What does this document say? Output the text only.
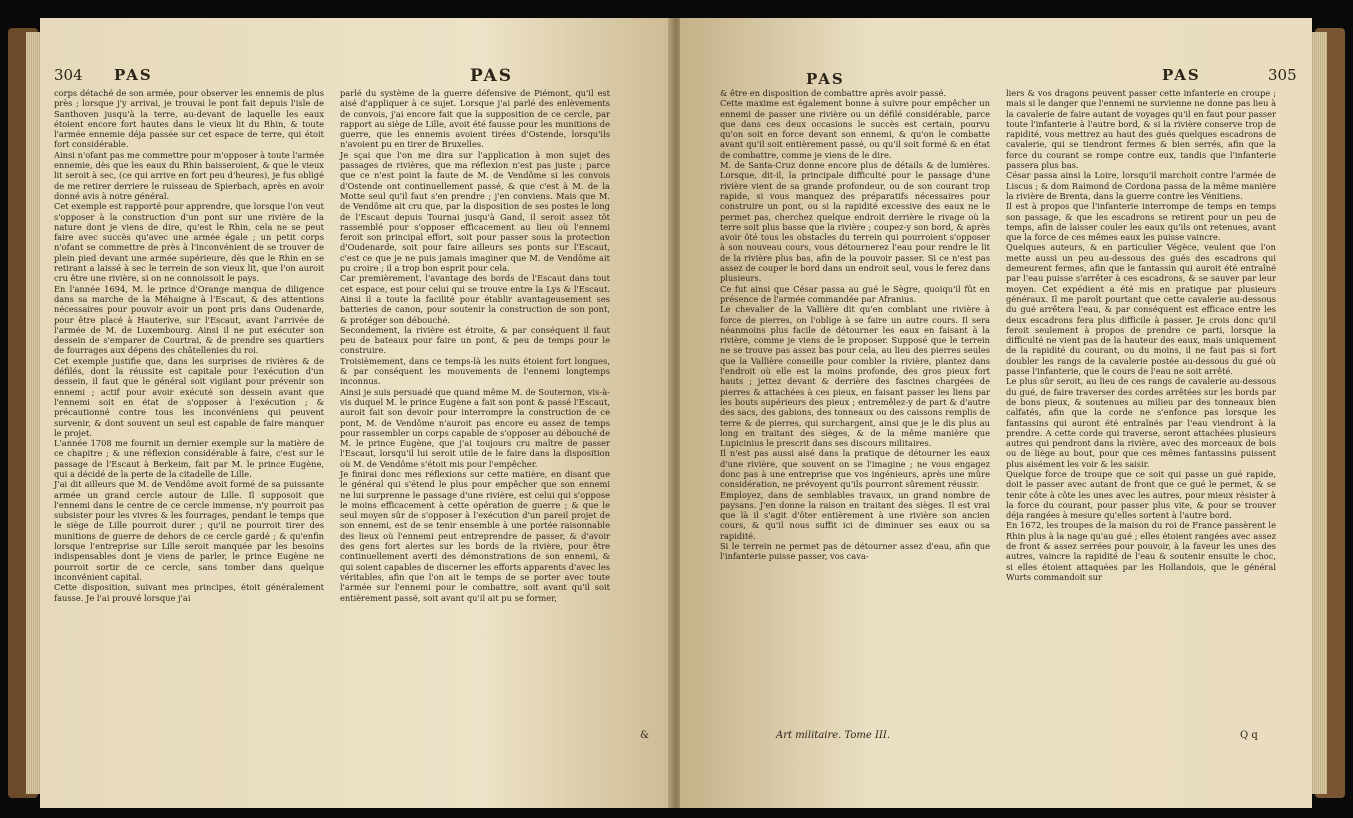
304 PAS	PAS
corps détaché de son armée, pour observer les ennemis de plus près ; lorsque j'y arrivai, je trouvai le pont fait depuis l'isle de Santhoven jusqu'à la terre, au-devant de laquelle les eaux étoient encore fort hautes dans le vieux lit du Rhin, & toute l'armée ennemie déja passée sur cet espace de terre, qui étoit fort considérable.
Ainsi n'ofant pas me commettre pour m'opposer à toute l'armée ennemie, dès que les eaux du Rhin baisseroient, & que le vieux lit seroit à sec, (ce qui arrive en fort peu d'heures), je fus obligé de me retirer derriere le ruisseau de Spierbach, après en avoir donné avis à notre général.
Cet exemple est rapporté pour apprendre, que lorsque l'on veut s'opposer à la construction d'un pont sur une rivière de la nature dont je viens de dire, qu'est le Rhin, cela ne se peut faire avec succès qu'avec une armée égale ; un petit corps n'ofant se commettre de près à l'inconvénient de se trouver de plein pied devant une armée supérieure, dès que le Rhin en se retirant a laissé à sec le terrein de son vieux lit, que l'on auroit cru être une rivière, si on ne connoissoit le pays.
En l'année 1694, M. le prince d'Orange manqua de diligence dans sa marche de la Méhaigne à l'Escaut, & des attentions nécessaires pour pouvoir avoir un pont pris dans Oudenarde, pour être placé à Hauterive, sur l'Escaut, avant l'arrivée de l'armée de M. de Luxembourg. Ainsi il ne put exécuter son dessein de s'emparer de Courtrai, & de prendre ses quartiers de fourrages aux dépens des châtellenies du roi.
Cet exemple justifie que, dans les surprises de rivières & de défilés, dont la réussite est capitale pour l'exécution d'un dessein, il faut que le général soit vigilant pour prévenir son ennemi ; actif pour avoir exécuté son dessein avant que l'ennemi soit en état de s'opposer à l'exécution ; & précautionné contre tous les inconvéniens qui peuvent survenir, & dont souvent un seul est capable de faire manquer le projet.
L'année 1708 me fournit un dernier exemple sur la matière de ce chapitre ; & une réflexion considérable à faire, c'est sur le passage de l'Escaut à Berkeim, fait par M. le prince Eugène, qui a décidé de la perte de la citadelle de Lille.
J'ai dit ailleurs que M. de Vendôme avoit formé de sa puissante armée un grand cercle autour de Lille. Il supposoit que l'ennemi dans le centre de ce cercle immense, n'y pourroit pas subsister pour les vivres & les fourrages, pendant le temps que le siège de Lille pourroit durer ; qu'il ne pourroit tirer des munitions de guerre de dehors de ce cercle gardé ; & qu'enfin lorsque l'entreprise sur Lille seroit manquée par les besoins indispensables dont je viens de parler, le prince Eugène ne pourroit sortir de ce cercle, sans tomber dans quelque inconvénient capital.
Cette disposition, suivant mes principes, étoit généralement fausse. Je l'ai prouvé lorsque j'ai
parlé du système de la guerre défensive de Piémont, qu'il est aisé d'appliquer à ce sujet. Lorsque j'ai parlé des enlèvements de convois, j'ai encore fait que la supposition de ce cercle, par rapport au siège de Lille, avoit été fausse pour les munitions de guerre, que les ennemis avoient tirées d'Ostende, lorsqu'ils n'avoient pu en tirer de Bruxelles.
Je sçai que l'on me dira sur l'application à mon sujet des passages de rivières, que ma réflexion n'est pas juste ; parce que ce n'est point la faute de M. de Vendôme si les convois d'Ostende ont continuellement passé, & que c'est à M. de la Motte seul qu'il faut s'en prendre ; j'en conviens. Mais que M. de Vendôme ait cru que, par la disposition de ses postes le long de l'Escaut depuis Tournai jusqu'à Gand, il seroit assez tôt rassemblé pour s'opposer efficacement au lieu où l'ennemi feroit son principal effort, soit pour passer sous la protection d'Oudenarde, soit pour faire ailleurs ses ponts sur l'Escaut, c'est ce que je ne puis jamais imaginer que M. de Vendôme ait pu croire ; il a trop bon esprit pour cela.
Car premièrement, l'avantage des bords de l'Escaut dans tout cet espace, est pour celui qui se trouve entre la Lys & l'Escaut. Ainsi il a toute la facilité pour établir avantageusement ses batteries de canon, pour soutenir la construction de son pont, & protéger son débouché.
Secondement, la rivière est étroite, & par conséquent il faut peu de bateaux pour faire un pont, & peu de temps pour le construire.
Troisièmement, dans ce temps-là les nuits étoient fort longues, & par conséquent les mouvements de l'ennemi longtemps inconnus.
Ainsi je suis persuadé que quand même M. de Souternon, vis-à-vis duquel M. le prince Eugène a fait son pont & passé l'Escaut, auroit fait son devoir pour interrompre la construction de ce pont, M. de Vendôme n'auroit pas encore eu assez de temps pour rassembler un corps capable de s'opposer au débouché de M. le prince Eugène, que j'ai toujours cru maître de passer l'Escaut, lorsqu'il lui seroit utile de le faire dans la disposition où M. de Vendôme s'étoit mis pour l'empêcher.
Je finirai donc mes réflexions sur cette matière, en disant que le général qui s'étend le plus pour empêcher que son ennemi ne lui surprenne le passage d'une rivière, est celui qui s'oppose le moins efficacement à cette opération de guerre ; & que le seul moyen sûr de s'opposer à l'exécution d'un pareil projet de son ennemi, est de se tenir ensemble à une portée raisonnable des lieux où l'ennemi peut entreprendre de passer, & d'avoir des gens fort alertes sur les bords de la rivière, pour être continuellement averti des démonstrations de son ennemi, & qui soient capables de discerner les efforts apparents d'avec les véritables, afin que l'on ait le temps de se porter avec toute l'armée sur l'ennemi pour le combattre, soit avant qu'il soit entièrement passé, soit avant qu'il ait pu se former,
&
PAS	PAS	305
& être en disposition de combattre après avoir passé.
Cette maxime est également bonne à suivre pour empêcher un ennemi de passer une rivière ou un défilé considérable, parce que dans ces deux occasions le succès est certain, pourvu qu'on soit en force devant son ennemi, & qu'on le combatte avant qu'il soit entièrement passé, ou qu'il soit formé & en état de combattre, comme je viens de le dire.
M. de Santa-Cruz donne encore plus de détails & de lumières. Lorsque, dit-il, la principale difficulté pour le passage d'une rivière vient de sa grande profondeur, ou de son courant trop rapide, si vous manquez des préparatifs nécessaires pour construire un pont, ou si la rapidité excessive des eaux ne le permet pas, cherchez quelque endroit derrière le rivage où la terre soit plus basse que la rivière ; coupez-y son bord, & après avoir ôté tous les obstacles du terrein qui pourroient s'opposer à son nouveau cours, vous détournerez l'eau pour rendre le lit de la rivière plus bas, afin de la pouvoir passer. Si ce n'est pas assez de couper le bord dans un endroit seul, vous le ferez dans plusieurs.
Ce fut ainsi que César passa au gué le Sègre, quoiqu'il fût en présence de l'armée commandée par Afranius.
Le chevalier de la Vallière dit qu'en comblant une rivière à force de pierres, on l'oblige à se faire un autre cours. Il sera néanmoins plus facile de détourner les eaux en faisant à la rivière, comme je viens de le proposer. Supposé que le terrein ne se trouve pas assez bas pour cela, au lieu des pierres seules que la Vallière conseille pour combler la rivière, plantez dans l'endroit où elle est la moins profonde, des gros pieux fort hauts ; jettez devant & derrière des fascines chargées de pierres & attachées à ces pieux, en faisant passer les liens par les bouts supérieurs des pieux ; entremêlez-y de part & d'autre des sacs, des gabions, des tonneaux ou des caissons remplis de terre & de pierres, qui surchargent, ainsi que je le dis plus au long en traitant des sièges, & de la même manière que Lupicinius le prescrit dans ses discours militaires.
Il n'est pas aussi aisé dans la pratique de détourner les eaux d'une rivière, que souvent on se l'imagine ; ne vous engagez donc pas à une entreprise que vos ingénieurs, après une mûre considération, ne prévoyent qu'ils pourront sûrement réussir.
Employez, dans de semblables travaux, un grand nombre de paysans. J'en donne la raison en traitant des sièges. Il est vrai que là il s'agit d'ôter entièrement à une rivière son ancien cours, & qu'il nous suffit ici de diminuer ses eaux ou sa rapidité.
Si le terrein ne permet pas de détourner assez d'eau, afin que l'infanterie puisse passer, vos cava-
liers & vos dragons peuvent passer cette infanterie en croupe ; mais si le danger que l'ennemi ne survienne ne donne pas lieu à la cavalerie de faire autant de voyages qu'il en faut pour passer toute l'infanterie à l'autre bord, & si la rivière conserve trop de rapidité, vous mettrez au haut des gués quelques escadrons de cavalerie, qui se tiendront fermes & bien serrés, afin que la force du courant se rompe contre eux, tandis que l'infanterie passera plus bas.
César passa ainsi la Loire, lorsqu'il marchoit contre l'armée de Liscus ; & dom Raimond de Cordona passa de la même manière la rivière de Brenta, dans la guerre contre les Vénitiens.
Il est à propos que l'infanterie interrompe de temps en temps son passage, & que les escadrons se retirent pour un peu de temps, afin de laisser couler les eaux qu'ils ont retenues, avant que la force de ces mêmes eaux les puisse vaincre.
Quelques auteurs, & en particulier Végèce, veulent que l'on mette aussi un peu au-dessous des gués des escadrons qui demeurent fermes, afin que le fantassin qui auroit été entraîné par l'eau puisse s'arrêter à ces escadrons, & se sauver par leur moyen. Cet expédient a été mis en pratique par plusieurs généraux. Il me paroît pourtant que cette cavalerie au-dessous du gué arrêtera l'eau, & par conséquent est efficace entre les deux escadrons fera plus difficile à passer. Je crois donc qu'il feroit seulement à propos de prendre ce parti, lorsque la difficulté ne vient pas de la hauteur des eaux, mais uniquement de la rapidité du courant, ou du moins, il ne faut pas si fort doubler les rangs de la cavalerie postée au-dessous du gué où passe l'infanterie, que le cours de l'eau ne soit arrêté.
Le plus sûr seroit, au lieu de ces rangs de cavalerie au-dessous du gué, de faire traverser des cordes arrêtées sur les bords par de bons pieux, & soutenues au milieu par des tonneaux bien calfatés, afin que la corde ne s'enfonce pas lorsque les fantassins qui auront été entraînés par l'eau viendront à la prendre. A cette corde qui traverse, seront attachées plusieurs autres qui pendront dans la rivière, avec des morceaux de bois ou de liège au bout, pour que ces mêmes fantassins puissent plus aisément les voir & les saisir.
Quelque force de troupe que ce soit qui passe un gué rapide, doit le passer avec autant de front que ce gué le permet, & se tenir côte à côte les unes avec les autres, pour mieux résister à la force du courant, pour passer plus vite, & pour se trouver déja rangées à mesure qu'elles sortent à l'autre bord.
En 1672, les troupes de la maison du roi de France passèrent le Rhin plus à la nage qu'au gué ; elles étoient rangées avec assez de front & assez serrées pour pouvoir, à la faveur les unes des autres, vaincre la rapidité de l'eau & soutenir ensuite le choc, si elles étoient attaquées par les Hollandois, que le général Wurts commandoit sur
Art militaire. Tome III.	Q q
